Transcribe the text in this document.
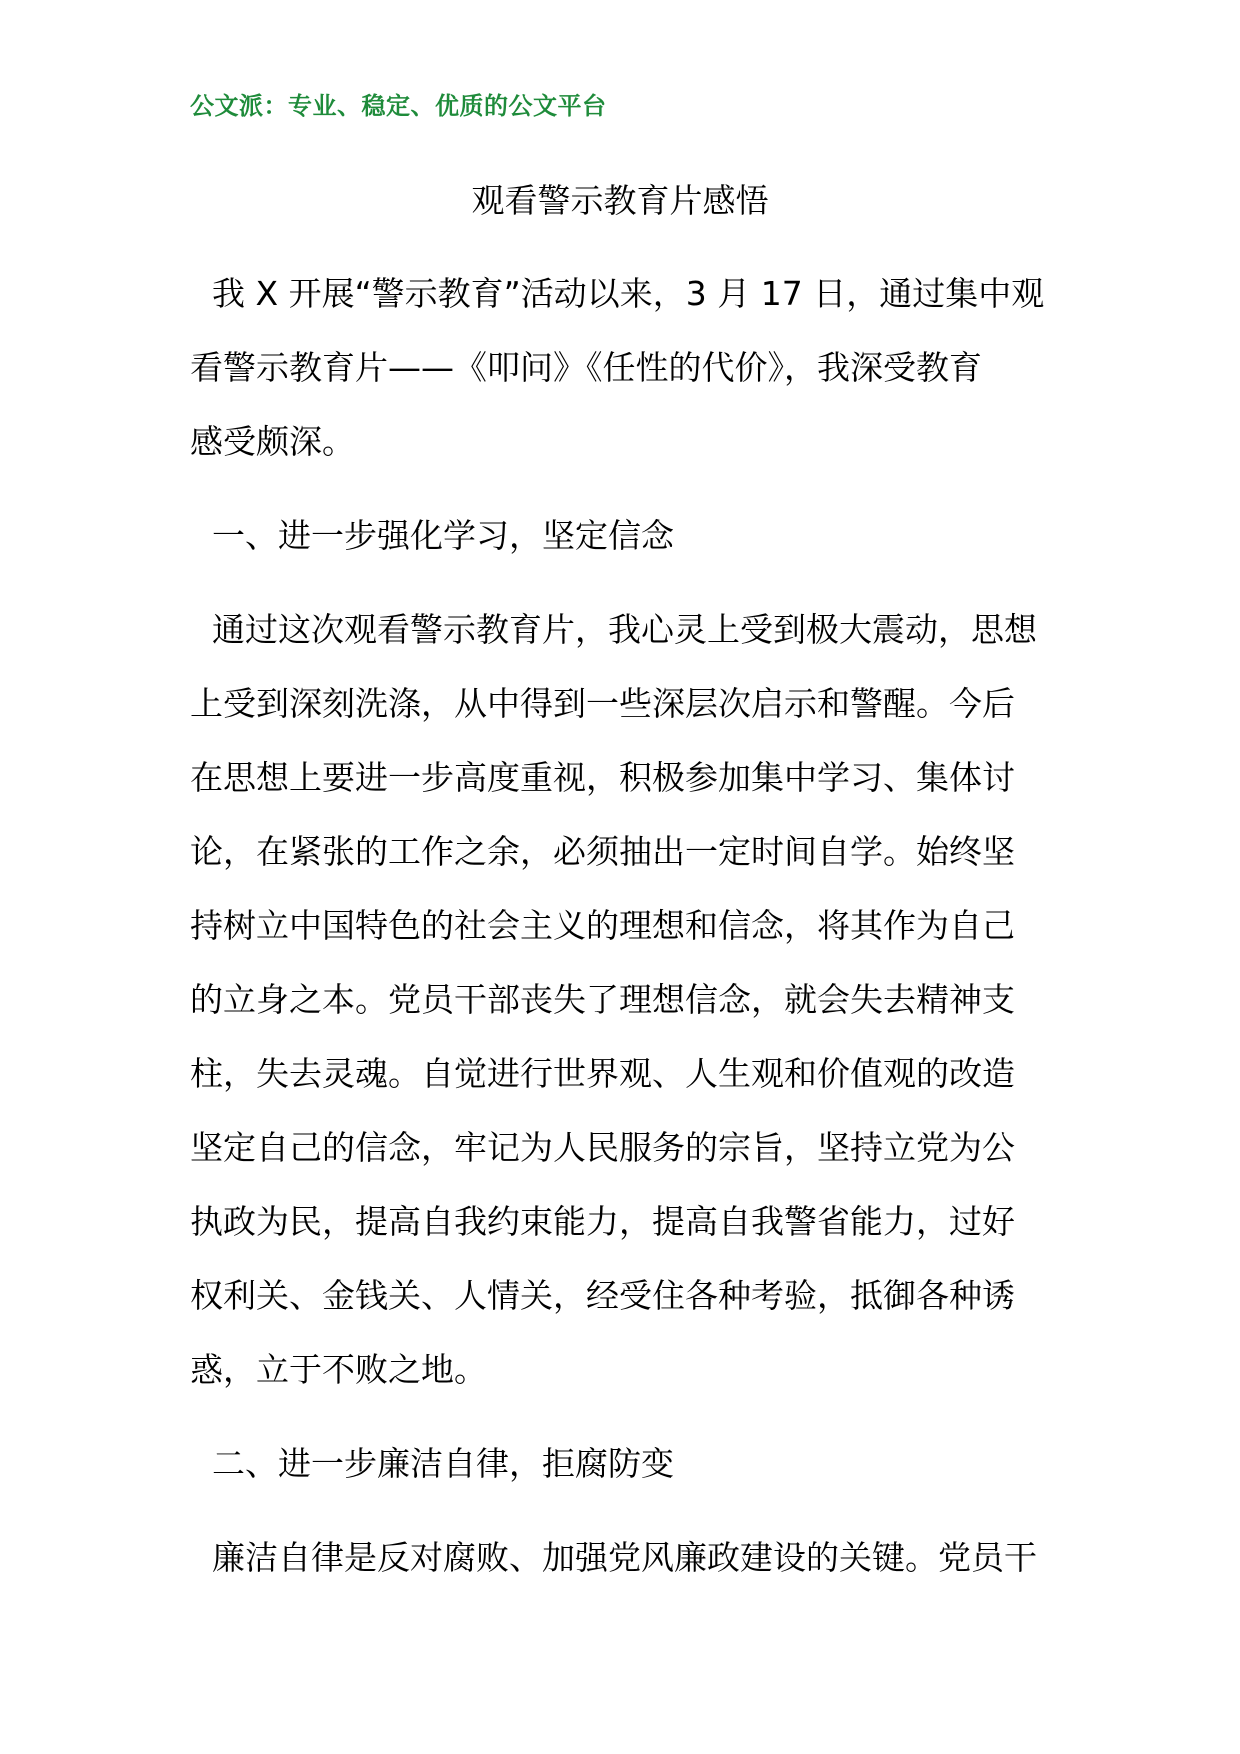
公文派：专业、稳定、优质的公文平台
观看警示教育片感悟
我 X 开展“警示教育”活动以来，3 月 17 日，通过集中观
看警示教育片——《叩问》《任性的代价》，我深受教育
感受颇深。
一、进一步强化学习，坚定信念
通过这次观看警示教育片，我心灵上受到极大震动，思想
上受到深刻洗涤，从中得到一些深层次启示和警醒。今后
在思想上要进一步高度重视，积极参加集中学习、集体讨
论，在紧张的工作之余，必须抽出一定时间自学。始终坚
持树立中国特色的社会主义的理想和信念，将其作为自己
的立身之本。党员干部丧失了理想信念，就会失去精神支
柱，失去灵魂。自觉进行世界观、人生观和价值观的改造
坚定自己的信念，牢记为人民服务的宗旨，坚持立党为公
执政为民，提高自我约束能力，提高自我警省能力，过好
权利关、金钱关、人情关，经受住各种考验，抵御各种诱
惑，立于不败之地。
二、进一步廉洁自律，拒腐防变
廉洁自律是反对腐败、加强党风廉政建设的关键。党员干
